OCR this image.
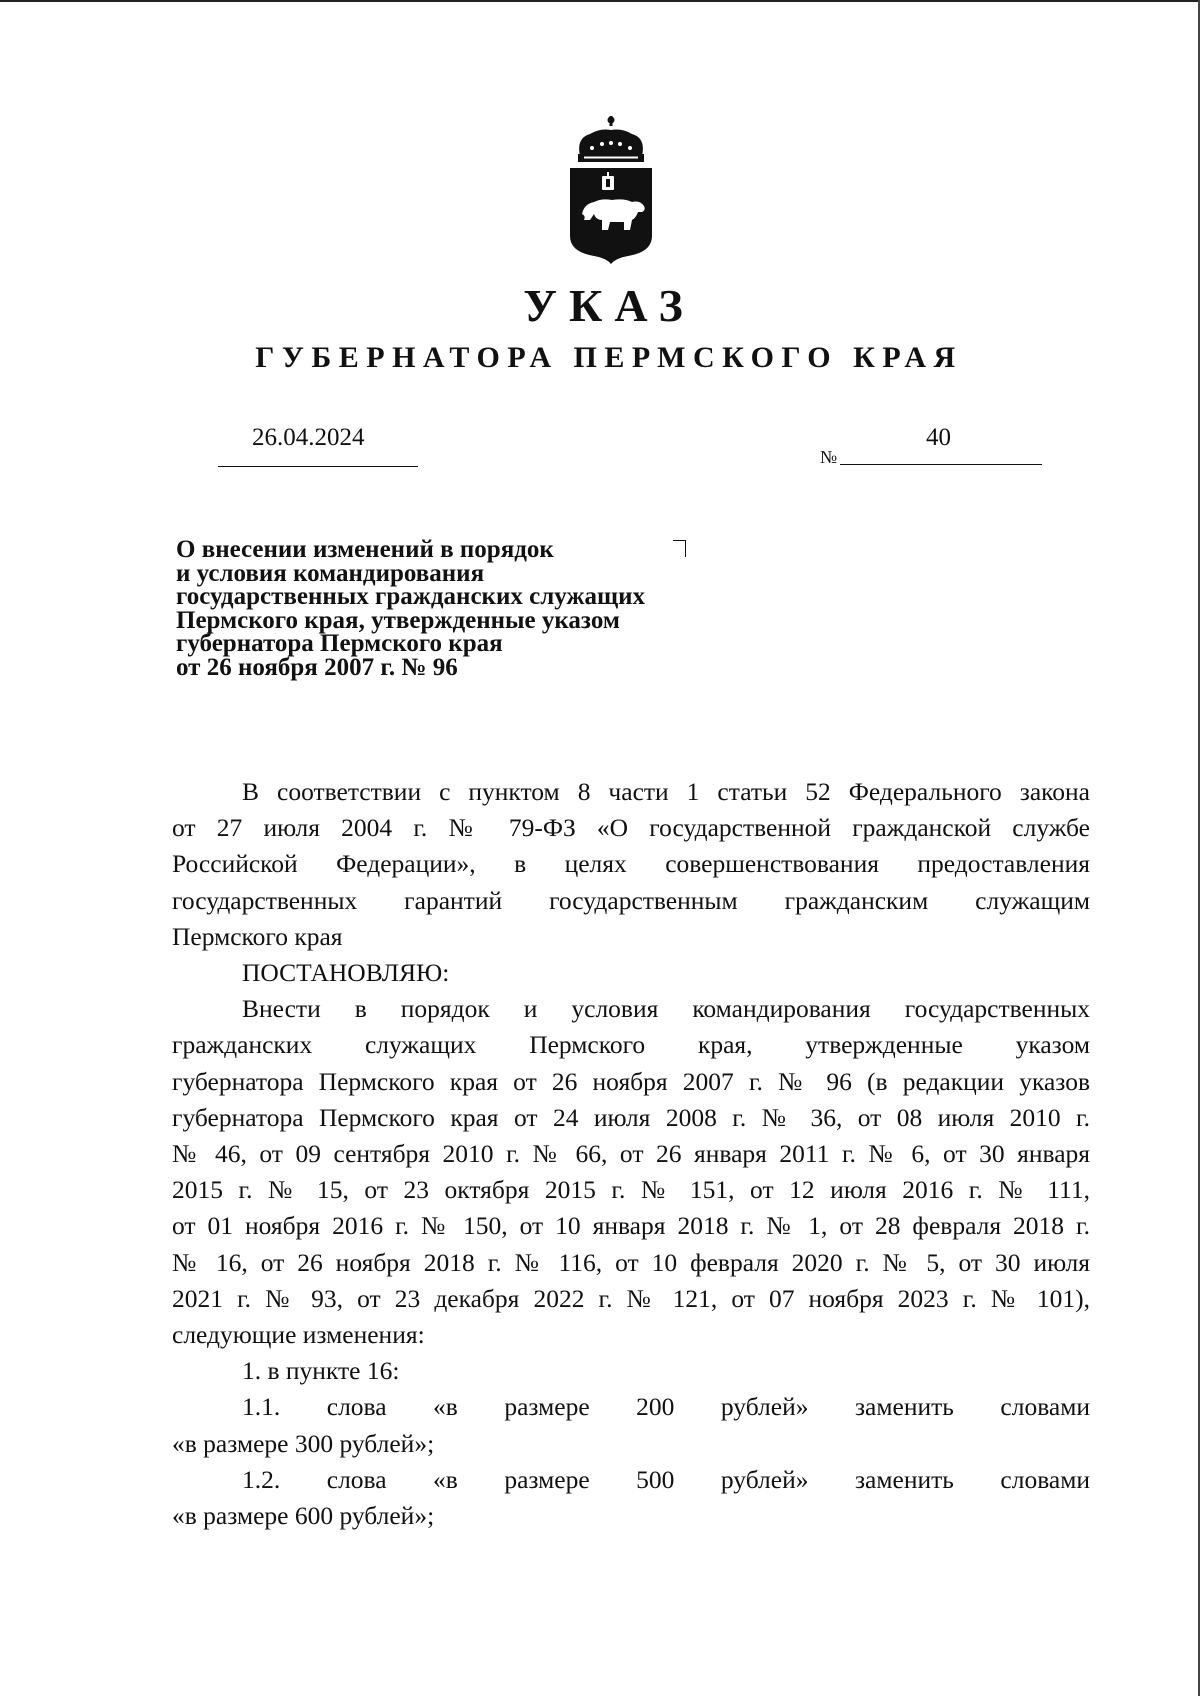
УКАЗ
ГУБЕРНАТОРА ПЕРМСКОГО КРАЯ
26.04.2024
№
40
О внесении изменений в порядок
и условия командирования
государственных гражданских служащих
Пермского края, утвержденные указом
губернатора Пермского края
от 26 ноября 2007 г. № 96
В соответствии с пунктом 8 части 1 статьи 52 Федерального закона
от 27 июля 2004 г. № 79-ФЗ «О государственной гражданской службе
Российской Федерации», в целях совершенствования предоставления
государственных гарантий государственным гражданским служащим
Пермского края
ПОСТАНОВЛЯЮ:
Внести в порядок и условия командирования государственных
гражданских служащих Пермского края, утвержденные указом
губернатора Пермского края от 26 ноября 2007 г. № 96 (в редакции указов
губернатора Пермского края от 24 июля 2008 г. № 36, от 08 июля 2010 г.
№ 46, от 09 сентября 2010 г. № 66, от 26 января 2011 г. № 6, от 30 января
2015 г. № 15, от 23 октября 2015 г. № 151, от 12 июля 2016 г. № 111,
от 01 ноября 2016 г. № 150, от 10 января 2018 г. № 1, от 28 февраля 2018 г.
№ 16, от 26 ноября 2018 г. № 116, от 10 февраля 2020 г. № 5, от 30 июля
2021 г. № 93, от 23 декабря 2022 г. № 121, от 07 ноября 2023 г. № 101),
следующие изменения:
1. в пункте 16:
1.1. слова «в размере 200 рублей» заменить словами
«в размере 300 рублей»;
1.2. слова «в размере 500 рублей» заменить словами
«в размере 600 рублей»;
